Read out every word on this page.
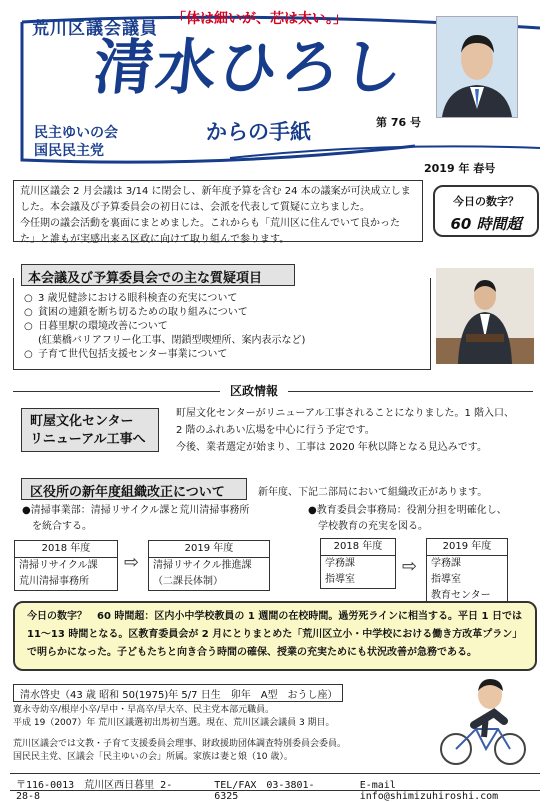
荒川区議会議員 「体は細いが、芯は太い。」
清水ひろし
からの手紙	第 76 号
民主ゆいの会
国民民主党
2019 年 春号
荒川区議会 2 月会議は 3/14 に閉会し、新年度予算を含む 24 本の議案が可決成立しま
した。本会議及び予算委員会の初日には、会派を代表して質疑に立ちました。
今任期の議会活動を裏面にまとめました。これからも「荒川区に住んでいて良かった
た」と誰もが実感出来る区政に向けて取り組んで参ります。
今日の数字？
60 時間超
○ 3 歳児健診における眼科検査の充実について
○ 貧困の連鎖を断ち切るための取り組みについて
○ 日暮里駅の環境改善について
(紅葉橋バリアフリー化工事、閉鎖型喫煙所、案内表示など)
○ 子育て世代包括支援センター事業について
本会議及び予算委員会での主な質疑項目
区政情報
町屋文化センター
リニューアル工事へ
町屋文化センターがリニューアル工事されることになりました。1 階入口、
2 階のふれあい広場を中心に行う予定です。
今後、業者選定が始まり、工事は 2020 年秋以降となる見込みです。
区役所の新年度組織改正について	新年度、下記二部局において組織改正があります。
●清掃事業部：清掃リサイクル課と荒川清掃事務所
を統合する。
●教育委員会事務局：役割分担を明確化し、
学校教育の充実を図る。
2018 年度
清掃リサイクル課
荒川清掃事務所
⇨
2019 年度
清掃リサイクル推進課
（二課長体制）
2018 年度
学務課
指導室
⇨
2019 年度
学務課
指導室
教育センター
今日の数字？　60 時間超：区内小中学校教員の 1 週間の在校時間。過労死ラインに相当する。平日 1 日では
11～13 時間となる。区教育委員会が 2 月にとりまとめた「荒川区立小・中学校における働き方改革プラン」
で明らかになった。子どもたちと向き合う時間の確保、授業の充実ためにも状況改善が急務である。
清水啓史（43 歳 昭和 50(1975)年 5/7 日生　卯年　A型　おうし座）
寛永寺幼卒/根岸小卒/早中・早高卒/早大卒、民主党本部元職員。
平成 19（2007）年 荒川区議選初出馬初当選。現在、荒川区議会議員 3 期目。
荒川区議会では文教・子育て支援委員会理事、財政援助団体調査特別委員会委員。
国民民主党、区議会「民主ゆいの会」所属。家族は妻と娘（10 歳）。
〒116-0013　荒川区西日暮里 2-28-8
TEL/FAX　03-3801-6325
E-mail　info@shimizuhiroshi.com
